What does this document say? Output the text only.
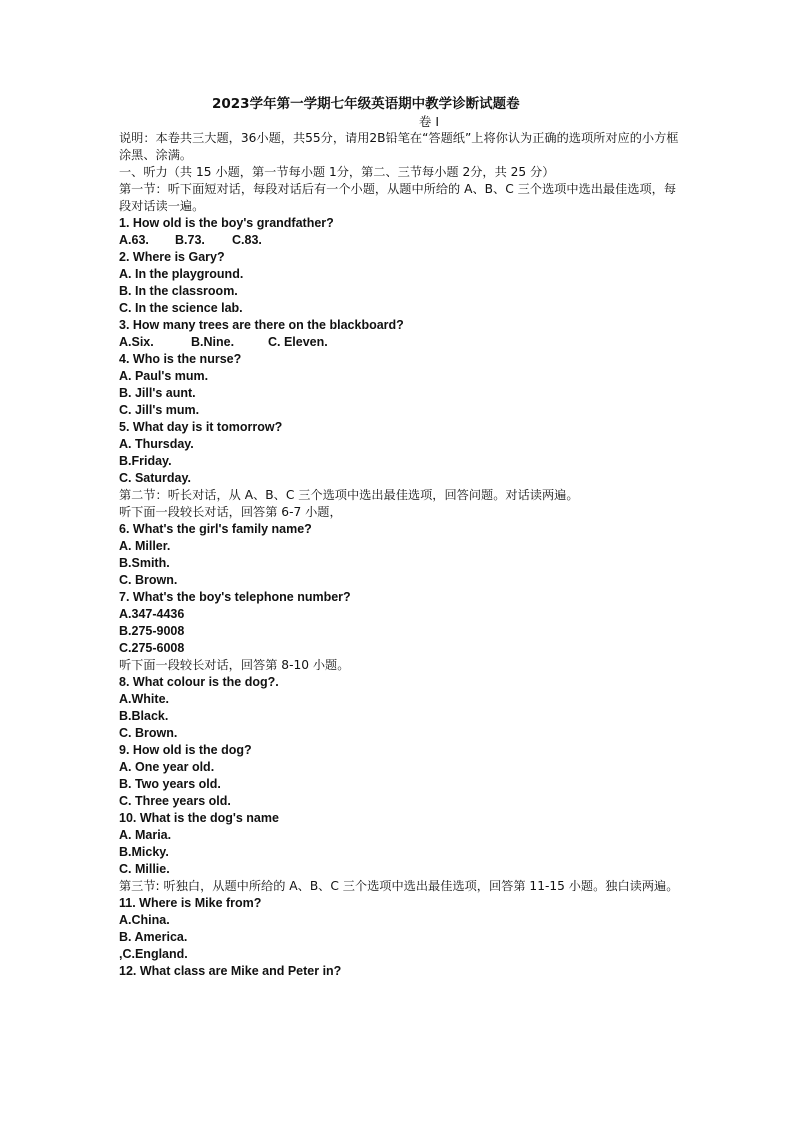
2023学年第一学期七年级英语期中教学诊断试题卷
卷 I
说明：本卷共三大题，36小题，共55分，请用2B铅笔在“答题纸”上将你认为正确的选项所对应的小方框涂黑、涂满。
一、听力（共 15 小题，第一节每小题 1分，第二、三节每小题 2分，共 25 分）
第一节：听下面短对话，每段对话后有一个小题，从题中所给的 A、B、C 三个选项中选出最佳选项，每段对话读一遍。
1. How old is the boy's grandfather?
A.63. B.73. C.83.
2. Where is Gary?
A. In the playground.
B. In the classroom.
C. In the science lab.
3. How many trees are there on the blackboard?
A.Six.	B.Nine.	C. Eleven.
4. Who is the nurse?
A. Paul's mum.
B. Jill's aunt.
C. Jill's mum.
5. What day is it tomorrow?
A. Thursday.
B.Friday.
C. Saturday.
第二节：听长对话，从 A、B、C 三个选项中选出最佳选项，回答问题。对话读两遍。
听下面一段较长对话，回答第 6-7 小题，
6. What's the girl's family name?
A. Miller.
B.Smith.
C. Brown.
7. What's the boy's telephone number?
A.347-4436
B.275-9008
C.275-6008
听下面一段较长对话，回答第 8-10 小题。
8. What colour is the dog?.
A.White.
B.Black.
C. Brown.
9. How old is the dog?
A. One year old.
B. Two years old.
C. Three years old.
10. What is the dog's name
A. Maria.
B.Micky.
C. Millie.
第三节: 听独白，从题中所给的 A、B、C 三个选项中选出最佳选项，回答第 11-15 小题。独白读两遍。
11. Where is Mike from?
A.China.
B. America.
,C.England.
12. What class are Mike and Peter in?
